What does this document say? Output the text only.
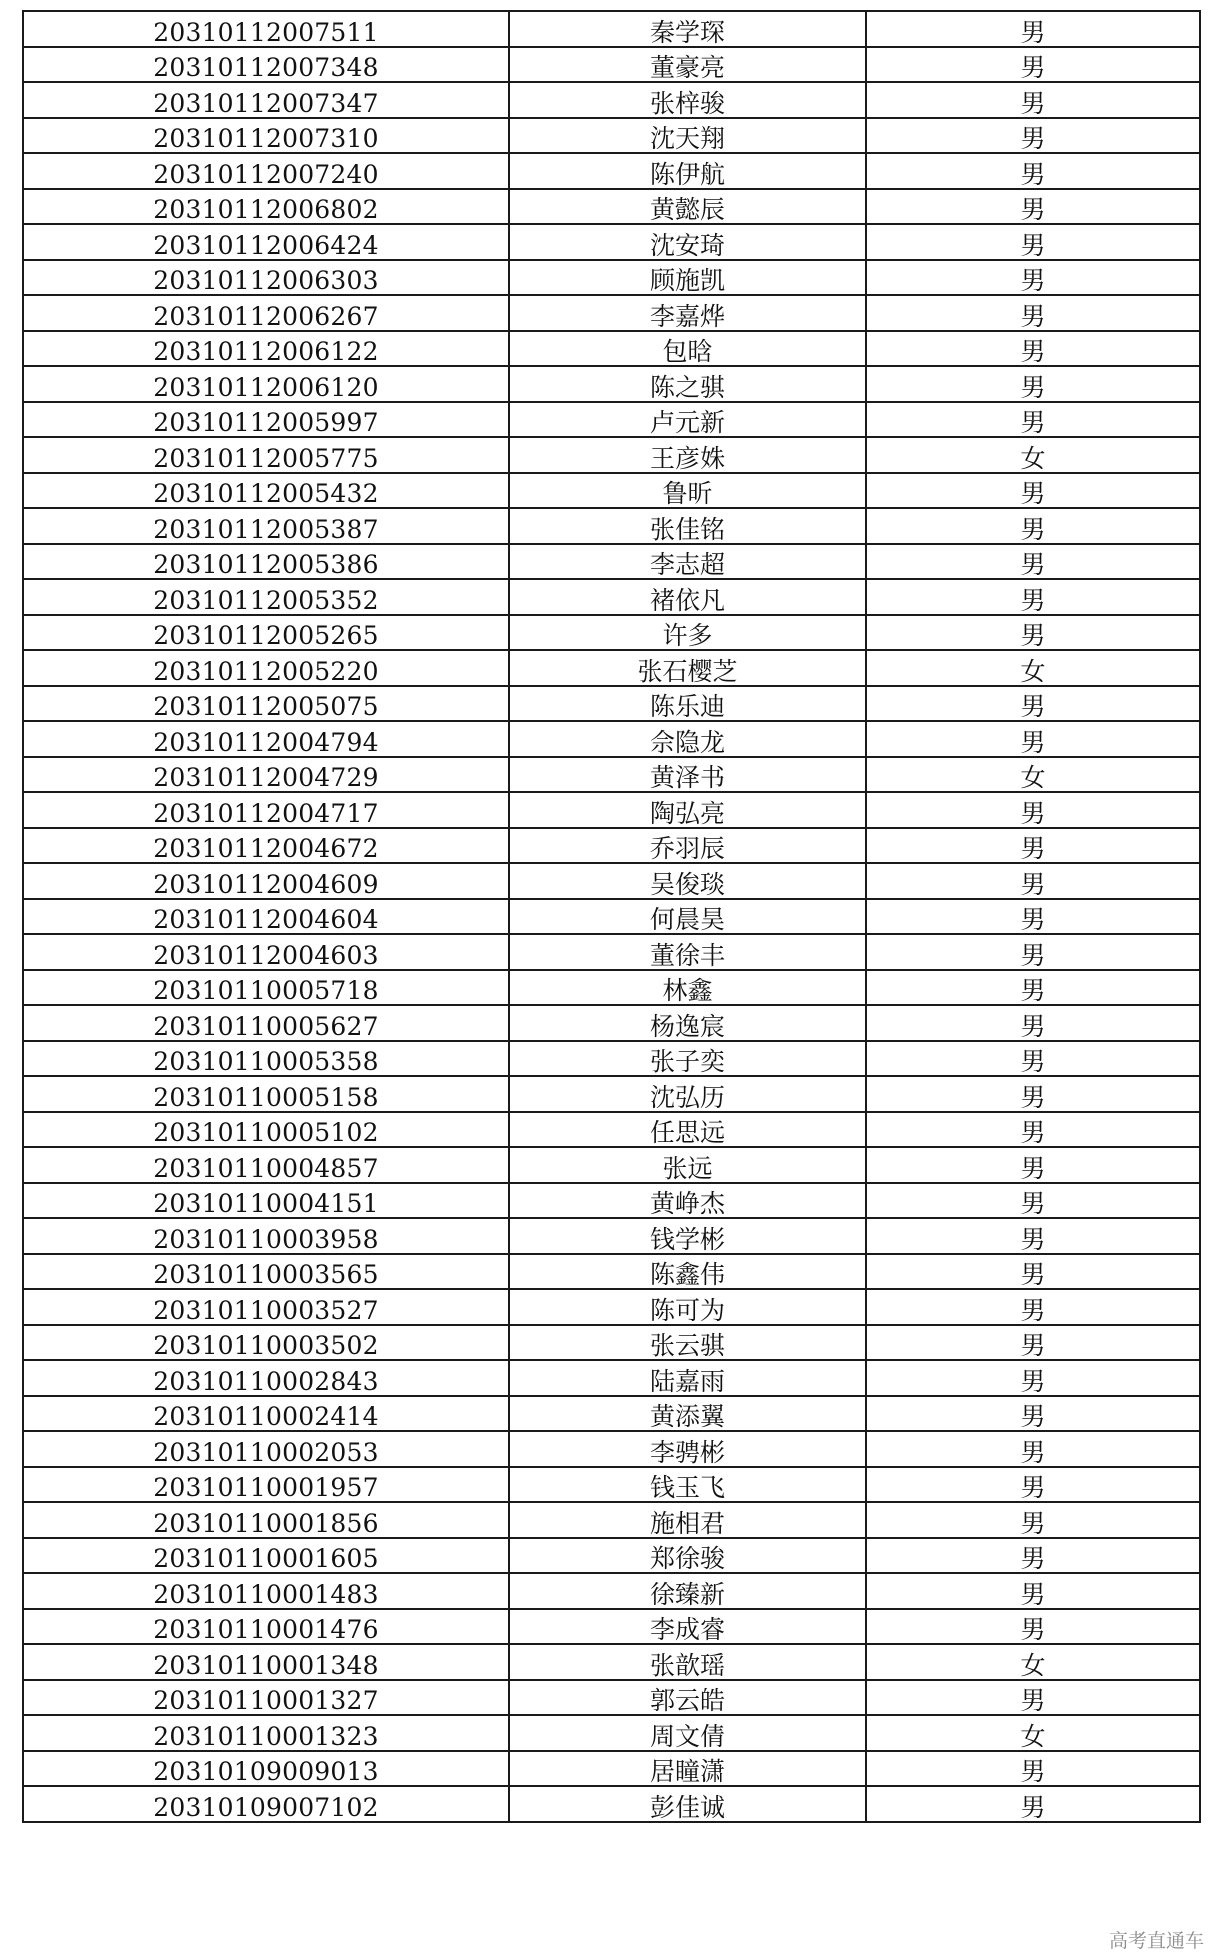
20310112007511	秦学琛	男
20310112007348	董豪亮	男
20310112007347	张梓骏	男
20310112007310	沈天翔	男
20310112007240	陈伊航	男
20310112006802	黄懿辰	男
20310112006424	沈安琦	男
20310112006303	顾施凯	男
20310112006267	李嘉烨	男
20310112006122	包晗	男
20310112006120	陈之骐	男
20310112005997	卢元新	男
20310112005775	王彦姝	女
20310112005432	鲁昕	男
20310112005387	张佳铭	男
20310112005386	李志超	男
20310112005352	褚依凡	男
20310112005265	许多	男
20310112005220	张石樱芝	女
20310112005075	陈乐迪	男
20310112004794	佘隐龙	男
20310112004729	黄泽书	女
20310112004717	陶弘亮	男
20310112004672	乔羽辰	男
20310112004609	吴俊琰	男
20310112004604	何晨昊	男
20310112004603	董徐丰	男
20310110005718	林鑫	男
20310110005627	杨逸宸	男
20310110005358	张子奕	男
20310110005158	沈弘历	男
20310110005102	任思远	男
20310110004857	张远	男
20310110004151	黄峥杰	男
20310110003958	钱学彬	男
20310110003565	陈鑫伟	男
20310110003527	陈可为	男
20310110003502	张云骐	男
20310110002843	陆嘉雨	男
20310110002414	黄添翼	男
20310110002053	李骋彬	男
20310110001957	钱玉飞	男
20310110001856	施相君	男
20310110001605	郑徐骏	男
20310110001483	徐臻新	男
20310110001476	李成睿	男
20310110001348	张歆瑶	女
20310110001327	郭云皓	男
20310110001323	周文倩	女
20310109009013	居瞳潇	男
20310109007102	彭佳诚	男
高考直通车
